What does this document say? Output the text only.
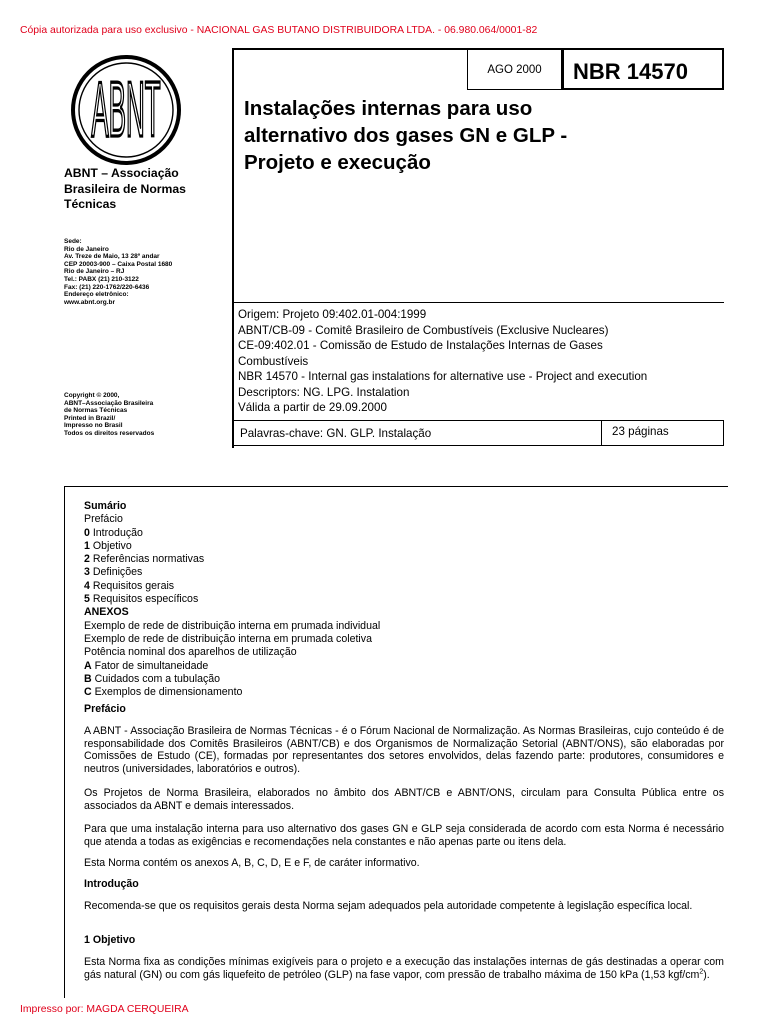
Cópia autorizada para uso exclusivo - NACIONAL GAS BUTANO DISTRIBUIDORA LTDA. - 06.980.064/0001-82
ABNT
ABNT – Associação Brasileira de Normas Técnicas
Sede:
Rio de Janeiro
Av. Treze de Maio, 13 28º andar
CEP 20003-900 – Caixa Postal 1680
Rio de Janeiro – RJ
Tel.: PABX (21) 210-3122
Fax: (21) 220-1762/220-6436
Endereço eletrônico:
www.abnt.org.br
Copyright © 2000,
ABNT–Associação Brasileira
de Normas Técnicas
Printed in Brazil/
Impresso no Brasil
Todos os direitos reservados
AGO 2000	NBR 14570
Instalações internas para uso
alternativo dos gases GN e GLP -
Projeto e execução
Origem: Projeto 09:402.01-004:1999
ABNT/CB-09 - Comitê Brasileiro de Combustíveis (Exclusive Nucleares)
CE-09:402.01 - Comissão de Estudo de Instalações Internas de Gases
Combustíveis
NBR 14570 - Internal gas instalations for alternative use - Project and execution
Descriptors: NG. LPG. Instalation
Válida a partir de 29.09.2000
Palavras-chave: GN. GLP. Instalação	23 páginas
Sumário
Prefácio
0 Introdução
1 Objetivo
2 Referências normativas
3 Definições
4 Requisitos gerais
5 Requisitos específicos
ANEXOS
Exemplo de rede de distribuição interna em prumada individual
Exemplo de rede de distribuição interna em prumada coletiva
Potência nominal dos aparelhos de utilização
A Fator de simultaneidade
B Cuidados com a tubulação
C Exemplos de dimensionamento
Prefácio
A ABNT - Associação Brasileira de Normas Técnicas - é o Fórum Nacional de Normalização. As Normas Brasileiras, cujo conteúdo é de responsabilidade dos Comitês Brasileiros (ABNT/CB) e dos Organismos de Normalização Setorial (ABNT/ONS), são elaboradas por Comissões de Estudo (CE), formadas por representantes dos setores envolvidos, delas fazendo parte: produtores, consumidores e neutros (universidades, laboratórios e outros).
Os Projetos de Norma Brasileira, elaborados no âmbito dos ABNT/CB e ABNT/ONS, circulam para Consulta Pública entre os associados da ABNT e demais interessados.
Para que uma instalação interna para uso alternativo dos gases GN e GLP seja considerada de acordo com esta Norma é necessário que atenda a todas as exigências e recomendações nela constantes e não apenas parte ou itens dela.
Esta Norma contém os anexos A, B, C, D, E e F, de caráter informativo.
Introdução
Recomenda-se que os requisitos gerais desta Norma sejam adequados pela autoridade competente à legislação específica local.
1 Objetivo
Esta Norma fixa as condições mínimas exigíveis para o projeto e a execução das instalações internas de gás destinadas a operar com gás natural (GN) ou com gás liquefeito de petróleo (GLP) na fase vapor, com pressão de trabalho máxima de 150 kPa (1,53 kgf/$cm^2$).
Impresso por: MAGDA CERQUEIRA
